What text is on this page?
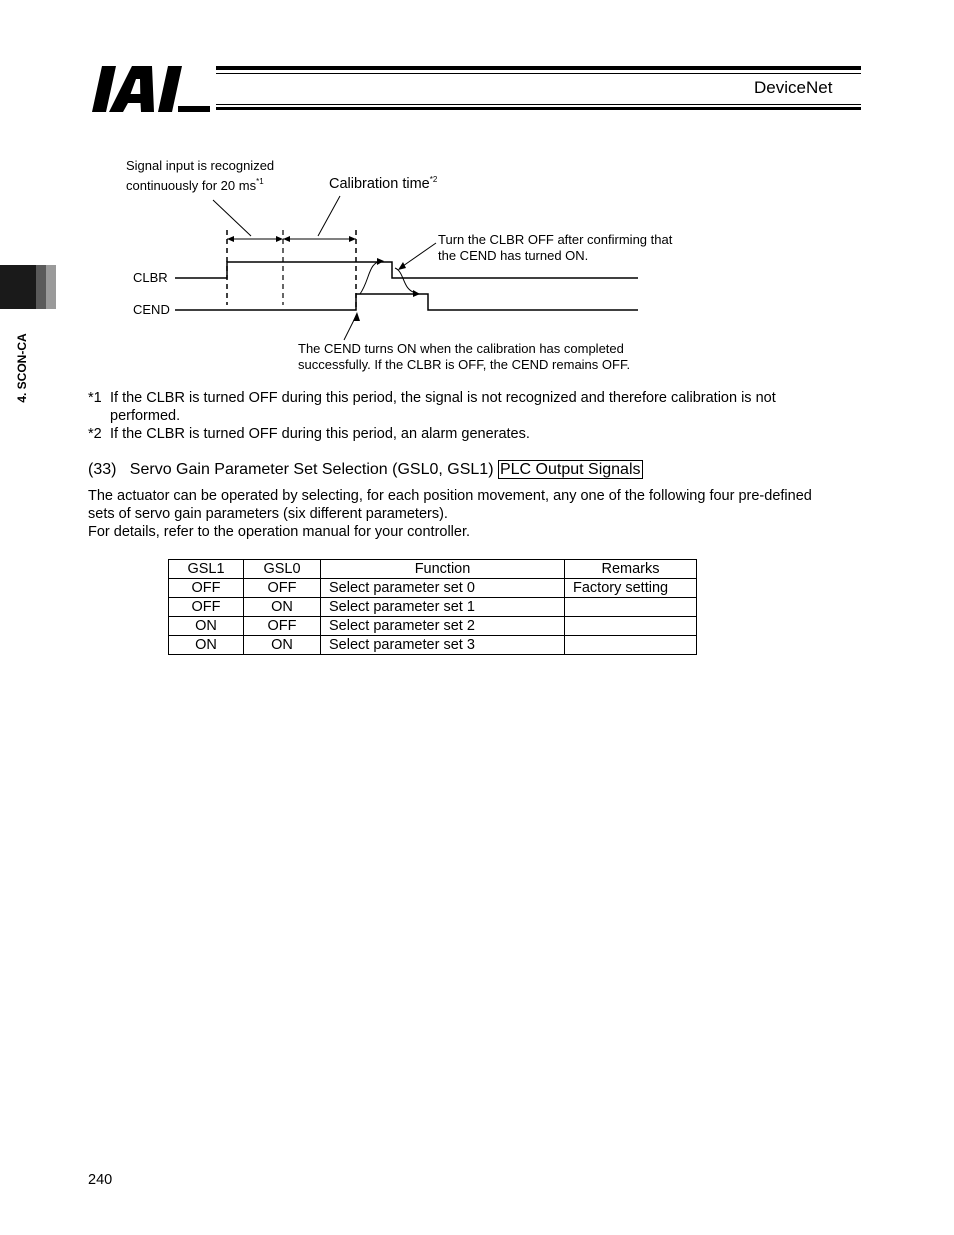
DeviceNet
4. SCON-CA
Signal input is recognized
continuously for 20 $ms^{*1}$	Calibration time$^{*2}$
Turn the CLBR OFF after confirming that
the CEND has turned ON.
CLBR
CEND
The CEND turns ON when the calibration has completed
successfully. If the CLBR is OFF, the CEND remains OFF.
*1 If the CLBR is turned OFF during this period, the signal is not recognized and therefore calibration is not
performed.
*2 If the CLBR is turned OFF during this period, an alarm generates.
(33) Servo Gain Parameter Set Selection (GSL0, GSL1) PLC Output Signals
The actuator can be operated by selecting, for each position movement, any one of the following four pre-defined
sets of servo gain parameters (six different parameters).
For details, refer to the operation manual for your controller.
GSL1	GSL0	Function	Remarks
OFF	OFF	Select parameter set 0	Factory setting
OFF	ON	Select parameter set 1	
ON	OFF	Select parameter set 2	
ON	ON	Select parameter set 3	
240
